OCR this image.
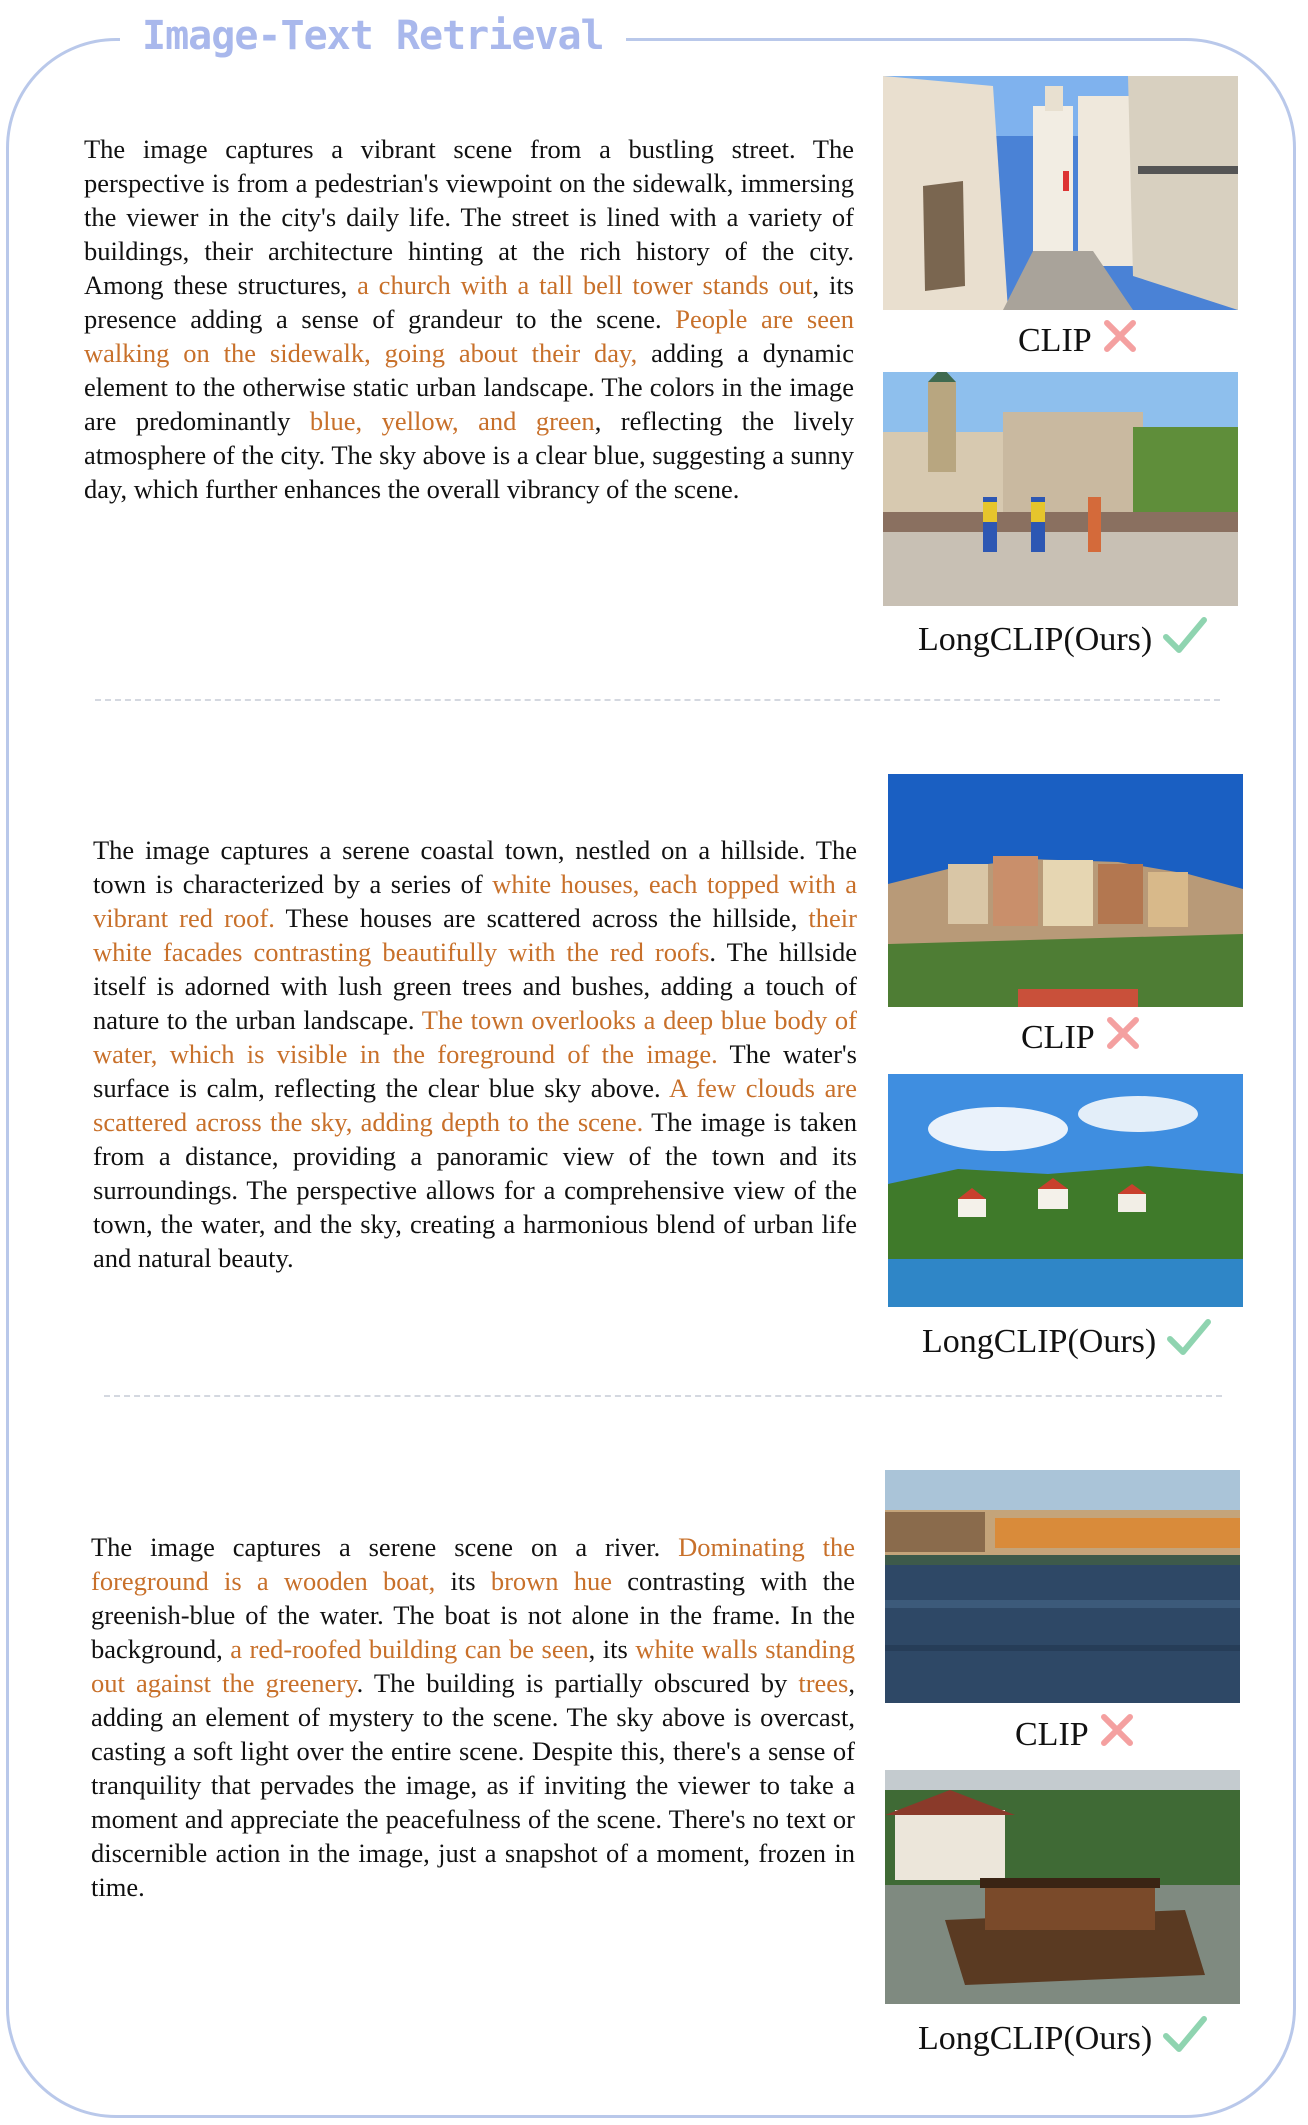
Image-Text Retrieval
The image captures a vibrant scene from a bustling street. The perspective is from a pedestrian's viewpoint on the sidewalk, immersing the viewer in the city's daily life. The street is lined with a variety of buildings, their architecture hinting at the rich history of the city. Among these structures, a church with a tall bell tower stands out, its presence adding a sense of grandeur to the scene. People are seen walking on the sidewalk, going about their day, adding a dynamic element to the otherwise static urban landscape. The colors in the image are predominantly blue, yellow, and green, reflecting the lively atmosphere of the city. The sky above is a clear blue, suggesting a sunny day, which further enhances the overall vibrancy of the scene.
CLIP
LongCLIP(Ours)
The image captures a serene coastal town, nestled on a hillside. The town is characterized by a series of white houses, each topped with a vibrant red roof. These houses are scattered across the hillside, their white facades contrasting beautifully with the red roofs. The hillside itself is adorned with lush green trees and bushes, adding a touch of nature to the urban landscape. The town overlooks a deep blue body of water, which is visible in the foreground of the image. The water's surface is calm, reflecting the clear blue sky above. A few clouds are scattered across the sky, adding depth to the scene. The image is taken from a distance, providing a panoramic view of the town and its surroundings. The perspective allows for a comprehensive view of the town, the water, and the sky, creating a harmonious blend of urban life and natural beauty.
CLIP
LongCLIP(Ours)
The image captures a serene scene on a river. Dominating the foreground is a wooden boat, its brown hue contrasting with the greenish-blue of the water. The boat is not alone in the frame. In the background, a red-roofed building can be seen, its white walls standing out against the greenery. The building is partially obscured by trees, adding an element of mystery to the scene. The sky above is overcast, casting a soft light over the entire scene. Despite this, there's a sense of tranquility that pervades the image, as if inviting the viewer to take a moment and appreciate the peacefulness of the scene. There's no text or discernible action in the image, just a snapshot of a moment, frozen in time.
CLIP
LongCLIP(Ours)
